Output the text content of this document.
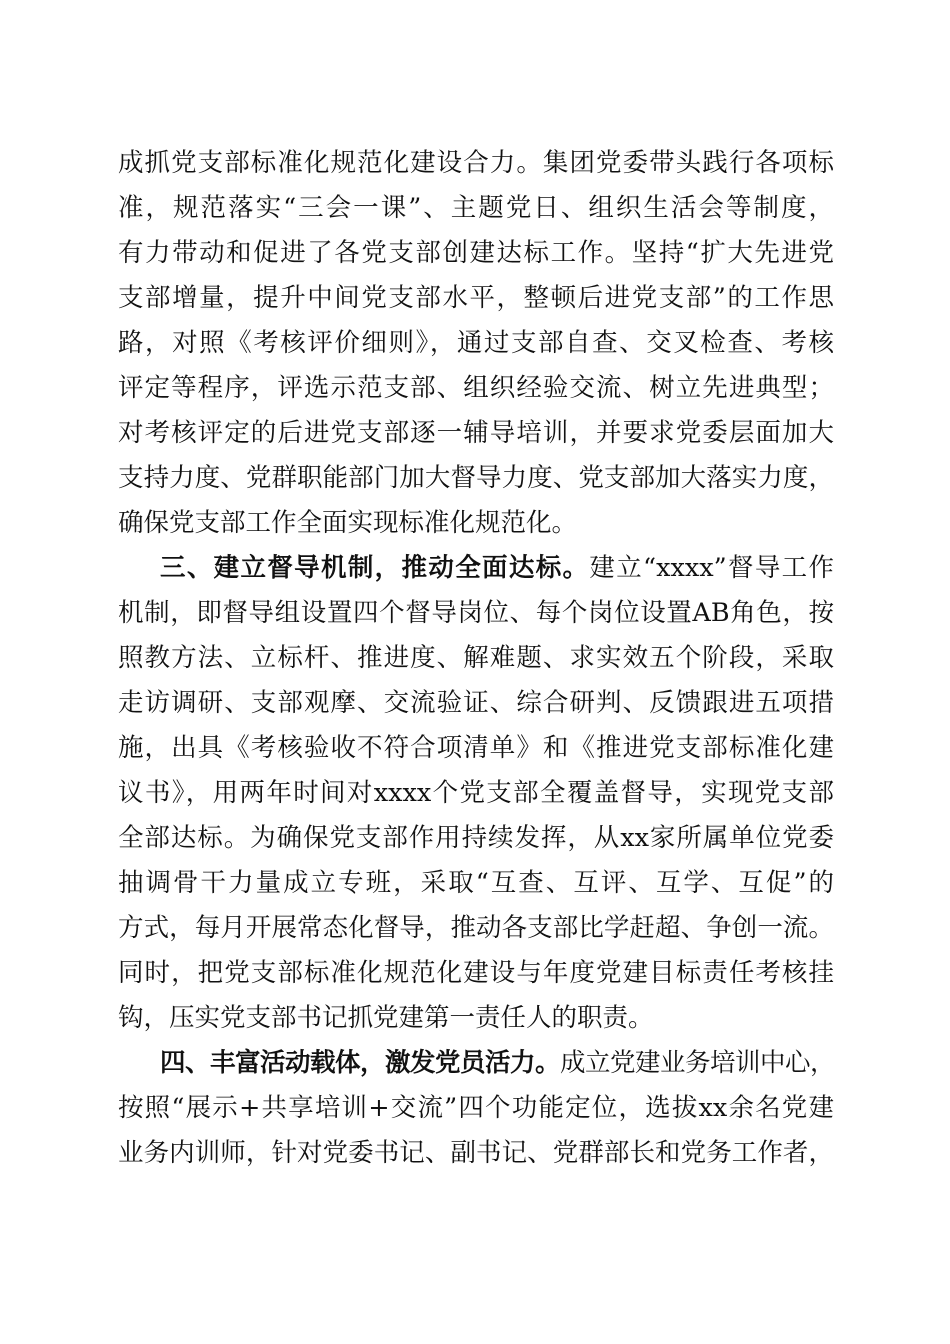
成抓党支部标准化规范化建设合力。集团党委带头践行各项标
准，规范落实“三会一课”、主题党日、组织生活会等制度，
有力带动和促进了各党支部创建达标工作。坚持“扩大先进党
支部增量，提升中间党支部水平，整顿后进党支部”的工作思
路，对照《考核评价细则》，通过支部自查、交叉检查、考核
评定等程序，评选示范支部、组织经验交流、树立先进典型；
对考核评定的后进党支部逐一辅导培训，并要求党委层面加大
支持力度、党群职能部门加大督导力度、党支部加大落实力度，
确保党支部工作全面实现标准化规范化。
三、建立督导机制，推动全面达标。建立“xxxx”督导工作
机制，即督导组设置四个督导岗位、每个岗位设置AB角色，按
照教方法、立标杆、推进度、解难题、求实效五个阶段，采取
走访调研、支部观摩、交流验证、综合研判、反馈跟进五项措
施，出具《考核验收不符合项清单》和《推进党支部标准化建
议书》，用两年时间对xxxx个党支部全覆盖督导，实现党支部
全部达标。为确保党支部作用持续发挥，从xx家所属单位党委
抽调骨干力量成立专班，采取“互查、互评、互学、互促”的
方式，每月开展常态化督导，推动各支部比学赶超、争创一流。
同时，把党支部标准化规范化建设与年度党建目标责任考核挂
钩，压实党支部书记抓党建第一责任人的职责。
四、丰富活动载体，激发党员活力。成立党建业务培训中心，
按照“展示+共享培训+交流”四个功能定位，选拔xx余名党建
业务内训师，针对党委书记、副书记、党群部长和党务工作者，
